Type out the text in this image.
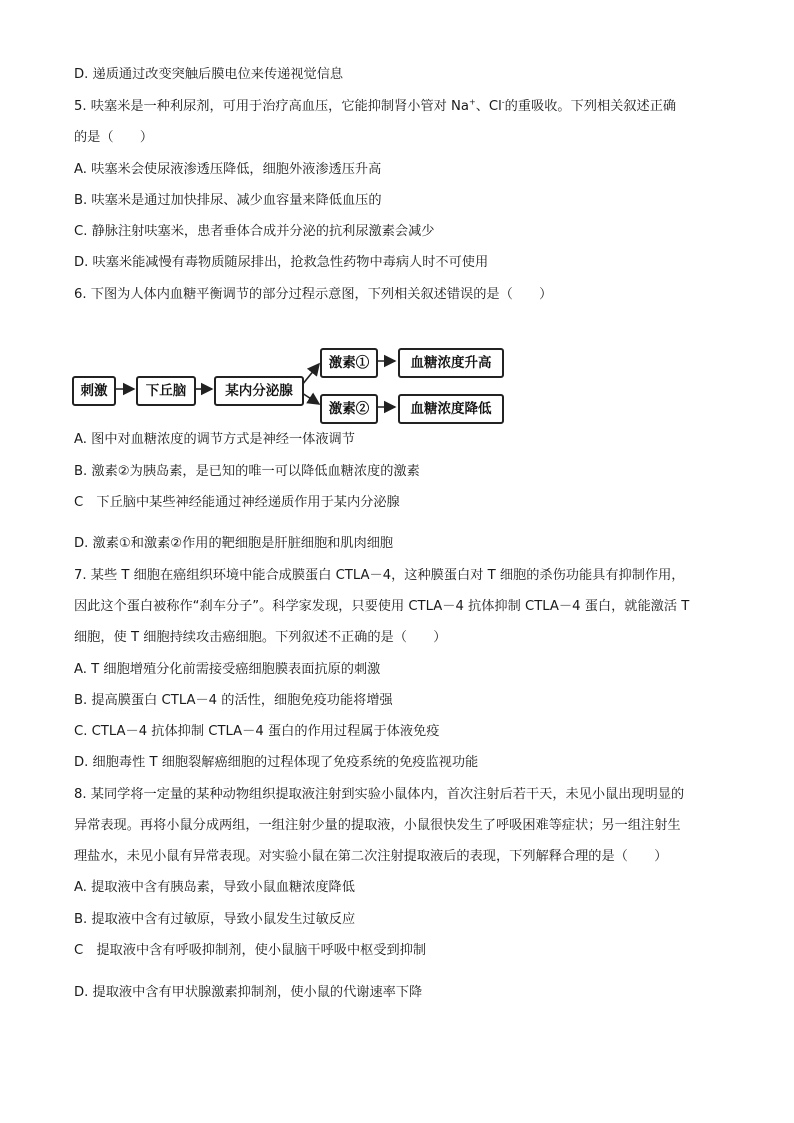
D. 递质通过改变突触后膜电位来传递视觉信息
5. 呋塞米是一种利尿剂，可用于治疗高血压，它能抑制肾小管对 Na+、Cl-的重吸收。下列相关叙述正确
的是（　　）
A. 呋塞米会使尿液渗透压降低，细胞外液渗透压升高
B. 呋塞米是通过加快排尿、减少血容量来降低血压的
C. 静脉注射呋塞米，患者垂体合成并分泌的抗利尿激素会减少
D. 呋塞米能减慢有毒物质随尿排出，抢救急性药物中毒病人时不可使用
6. 下图为人体内血糖平衡调节的部分过程示意图，下列相关叙述错误的是（　　）
刺激	下丘脑	某内分泌腺
激素①
激素②
血糖浓度升高
血糖浓度降低
A. 图中对血糖浓度的调节方式是神经一体液调节
B. 激素②为胰岛素，是已知的唯一可以降低血糖浓度的激素
C　下丘脑中某些神经能通过神经递质作用于某内分泌腺
D. 激素①和激素②作用的靶细胞是肝脏细胞和肌肉细胞
7. 某些 T 细胞在癌组织环境中能合成膜蛋白 CTLA－4，这种膜蛋白对 T 细胞的杀伤功能具有抑制作用，
因此这个蛋白被称作“刹车分子”。科学家发现，只要使用 CTLA－4 抗体抑制 CTLA－4 蛋白，就能激活 T
细胞，使 T 细胞持续攻击癌细胞。下列叙述不正确的是（　　）
A. T 细胞增殖分化前需接受癌细胞膜表面抗原的刺激
B. 提高膜蛋白 CTLA－4 的活性，细胞免疫功能将增强
C. CTLA－4 抗体抑制 CTLA－4 蛋白的作用过程属于体液免疫
D. 细胞毒性 T 细胞裂解癌细胞的过程体现了免疫系统的免疫监视功能
8. 某同学将一定量的某种动物组织提取液注射到实验小鼠体内，首次注射后若干天，未见小鼠出现明显的
异常表现。再将小鼠分成两组，一组注射少量的提取液，小鼠很快发生了呼吸困难等症状；另一组注射生
理盐水，未见小鼠有异常表现。对实验小鼠在第二次注射提取液后的表现，下列解释合理的是（　　）
A. 提取液中含有胰岛素，导致小鼠血糖浓度降低
B. 提取液中含有过敏原，导致小鼠发生过敏反应
C　提取液中含有呼吸抑制剂，使小鼠脑干呼吸中枢受到抑制
D. 提取液中含有甲状腺激素抑制剂，使小鼠的代谢速率下降
